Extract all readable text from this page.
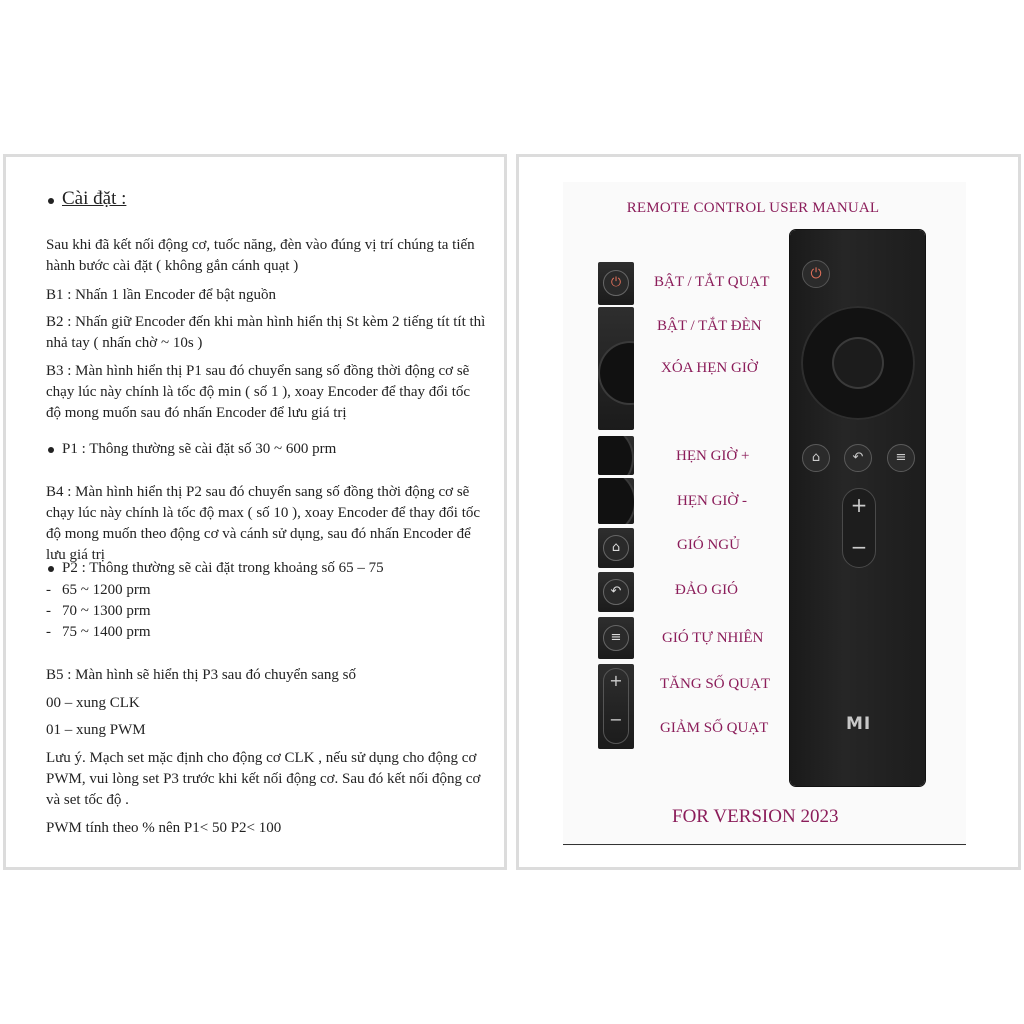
Cài đặt :

Sau khi đã kết nối động cơ, tuốc năng, đèn vào đúng vị trí chúng ta tiến hành bước cài đặt ( không gắn cánh quạt )

B1 : Nhấn 1 lần Encoder để bật nguồn

B2 : Nhấn giữ Encoder đến khi màn hình hiển thị St kèm 2 tiếng tít tít thì nhả tay ( nhấn chờ ~ 10s )

B3 : Màn hình hiển thị P1 sau đó chuyển sang số đồng thời động cơ sẽ chạy lúc này chính là tốc độ min ( số 1 ), xoay Encoder để thay đổi tốc độ mong muốn sau đó nhấn Encoder để lưu giá trị

P1 : Thông thường sẽ cài đặt số 30 ~ 600 prm

B4 : Màn hình hiển thị P2 sau đó chuyển sang số đồng thời động cơ sẽ chạy lúc này chính là tốc độ max ( số 10 ), xoay Encoder để thay đổi tốc độ mong muốn theo động cơ và cánh sử dụng, sau đó nhấn Encoder để lưu giá trị

P2 : Thông thường sẽ cài đặt trong khoảng số 65 – 75
- 65 ~ 1200 prm
- 70 ~ 1300 prm
- 75 ~ 1400 prm

B5 : Màn hình sẽ hiển thị P3 sau đó chuyển sang số

00 – xung CLK

01 – xung PWM

Lưu ý. Mạch set mặc định cho động cơ CLK , nếu sử dụng cho động cơ PWM, vui lòng set P3 trước khi kết nối động cơ. Sau đó kết nối động cơ và set tốc độ .

PWM tính theo % nên P1< 50 P2< 100

REMOTE CONTROL USER MANUAL
⏻
⌂
↶
≡
+
−
BẬT / TẮT QUẠT
BẬT / TẮT ĐÈN
XÓA HẸN GIỜ
HẸN GIỜ +
HẸN GIỜ -
GIÓ NGỦ
ĐẢO GIÓ
GIÓ TỰ NHIÊN
TĂNG SỐ QUẠT
GIẢM SỐ QUẠT
⏻
⌂	↶	≡
+
−
MI
FOR VERSION 2023
